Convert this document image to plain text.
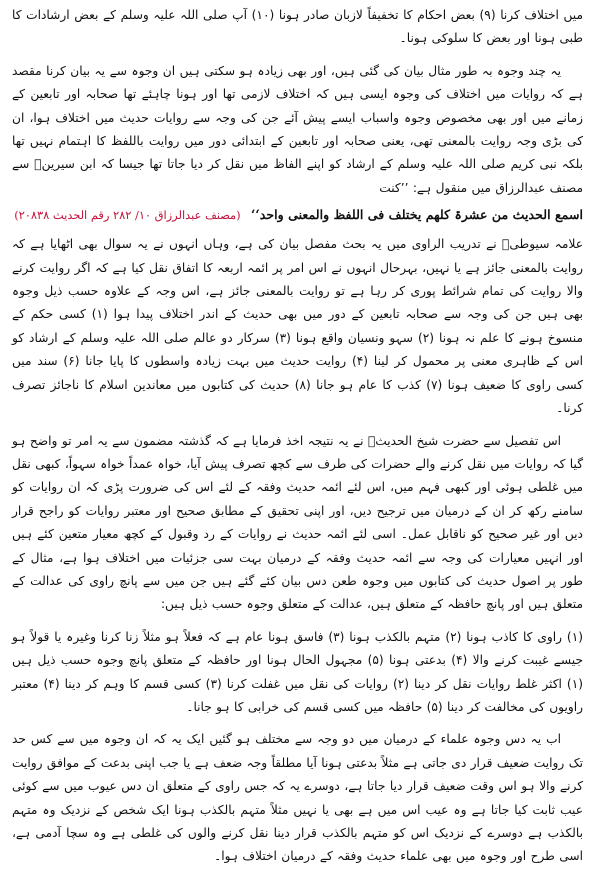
میں اختلاف کرنا (۹) بعض احکام کا تخفیفاً لازبان صادر ہونا (۱۰) آپ صلی اللہ علیہ وسلم کے بعض ارشادات کا طبی ہونا اور بعض کا سلوکی ہونا۔

یہ چند وجوہ بہ طور مثال بیان کی گئی ہیں، اور بھی زیادہ ہو سکتی ہیں ان وجوہ سے یہ بیان کرنا مقصد ہے کہ روایات میں اختلاف کی وجوہ ایسی ہیں کہ اختلاف لازمی تھا اور ہونا چاہئے تھا صحابہ اور تابعین کے زمانے میں اور بھی مخصوص وجوہ واسباب ایسے پیش آئے جن کی وجہ سے روایات حدیث میں اختلاف ہوا، ان کی بڑی وجہ روایت بالمعنی تھی، یعنی صحابہ اور تابعین کے ابتدائی دور میں روایت باللفظ کا اہتمام نہیں تھا بلکہ نبی کریم صلی اللہ علیہ وسلم کے ارشاد کو اپنے الفاظ میں نقل کر دیا جاتا تھا جیسا کہ ابن سیرینؒ سے مصنف عبدالرزاق میں منقول ہے: ’’کنت

اسمع الحدیث من عشرۃ کلھم یختلف فی اللفظ والمعنی واحد‘‘ (مصنف عبدالرزاق ۱۰/ ۲۸۲ رقم الحدیث ۲۰۸۳۸)

علامہ سیوطیؒ نے تدریب الراوی میں یہ بحث مفصل بیان کی ہے، وہاں انہوں نے یہ سوال بھی اٹھایا ہے کہ روایت بالمعنی جائز ہے یا نہیں، بہرحال انہوں نے اس امر پر ائمہ اربعہ کا اتفاق نقل کیا ہے کہ اگر روایت کرنے والا روایت کی تمام شرائط پوری کر رہا ہے تو روایت بالمعنی جائز ہے، اس وجہ کے علاوہ حسب ذیل وجوہ بھی ہیں جن کی وجہ سے صحابہ تابعین کے دور میں بھی حدیث کے اندر اختلاف پیدا ہوا (۱) کسی حکم کے منسوخ ہونے کا علم نہ ہونا (۲) سہو ونسیان واقع ہونا (۳) سرکار دو عالم صلی اللہ علیہ وسلم کے ارشاد کو اس کے ظاہری معنی پر محمول کر لینا (۴) روایت حدیث میں بہت زیادہ واسطوں کا پایا جانا (۶) سند میں کسی راوی کا ضعیف ہونا (۷) کذب کا عام ہو جانا (۸) حدیث کی کتابوں میں معاندین اسلام کا ناجائز تصرف کرنا۔

اس تفصیل سے حضرت شیخ الحدیثؒ نے یہ نتیجہ اخذ فرمایا ہے کہ گذشتہ مضمون سے یہ امر تو واضح ہو گیا کہ روایات میں نقل کرنے والے حضرات کی طرف سے کچھ تصرف پیش آیا، خواہ عمداً خواہ سہواً، کبھی نقل میں غلطی ہوئی اور کبھی فہم میں، اس لئے ائمہ حدیث وفقہ کے لئے اس کی ضرورت پڑی کہ ان روایات کو سامنے رکھ کر ان کے درمیان میں ترجیح دیں، اور اپنی تحقیق کے مطابق صحیح اور معتبر روایات کو راجح قرار دیں اور غیر صحیح کو ناقابل عمل۔ اسی لئے ائمہ حدیث نے روایات کے رد وقبول کے کچھ معیار متعین کئے ہیں اور انہیں معیارات کی وجہ سے ائمہ حدیث وفقہ کے درمیان بہت سی جزئیات میں اختلاف ہوا ہے، مثال کے طور پر اصول حدیث کی کتابوں میں وجوہ طعن دس بیان کئے گئے ہیں جن میں سے پانچ راوی کی عدالت کے متعلق ہیں اور پانچ حافظہ کے متعلق ہیں، عدالت کے متعلق وجوہ حسب ذیل ہیں:

(۱) راوی کا کاذب ہونا (۲) متہم بالکذب ہونا (۳) فاسق ہونا عام ہے کہ فعلاً ہو مثلاً زنا کرنا وغیرہ یا قولاً ہو جیسے غیبت کرنے والا (۴) بدعتی ہونا (۵) مجہول الحال ہونا اور حافظہ کے متعلق پانچ وجوہ حسب ذیل ہیں (۱) اکثر غلط روایات نقل کر دینا (۲) روایات کی نقل میں غفلت کرنا (۳) کسی قسم کا وہم کر دینا (۴) معتبر راویوں کی مخالفت کر دینا (۵) حافظہ میں کسی قسم کی خرابی کا ہو جانا۔

اب یہ دس وجوہ علماء کے درمیان میں دو وجہ سے مختلف ہو گئیں ایک یہ کہ ان وجوہ میں سے کس حد تک روایت ضعیف قرار دی جاتی ہے مثلاً بدعتی ہونا آیا مطلقاً وجہ ضعف ہے یا جب اپنی بدعت کے موافق روایت کرنے والا ہو اس وقت ضعیف قرار دیا جاتا ہے، دوسرے یہ کہ جس راوی کے متعلق ان دس عیوب میں سے کوئی عیب ثابت کیا جاتا ہے وہ عیب اس میں ہے بھی یا نہیں مثلاً متہم بالکذب ہونا ایک شخص کے نزدیک وہ متہم بالکذب ہے دوسرے کے نزدیک اس کو متہم بالکذب قرار دینا نقل کرنے والوں کی غلطی ہے وہ سچا آدمی ہے، اسی طرح اور وجوہ میں بھی علماء حدیث وفقہ کے درمیان اختلاف ہوا۔
